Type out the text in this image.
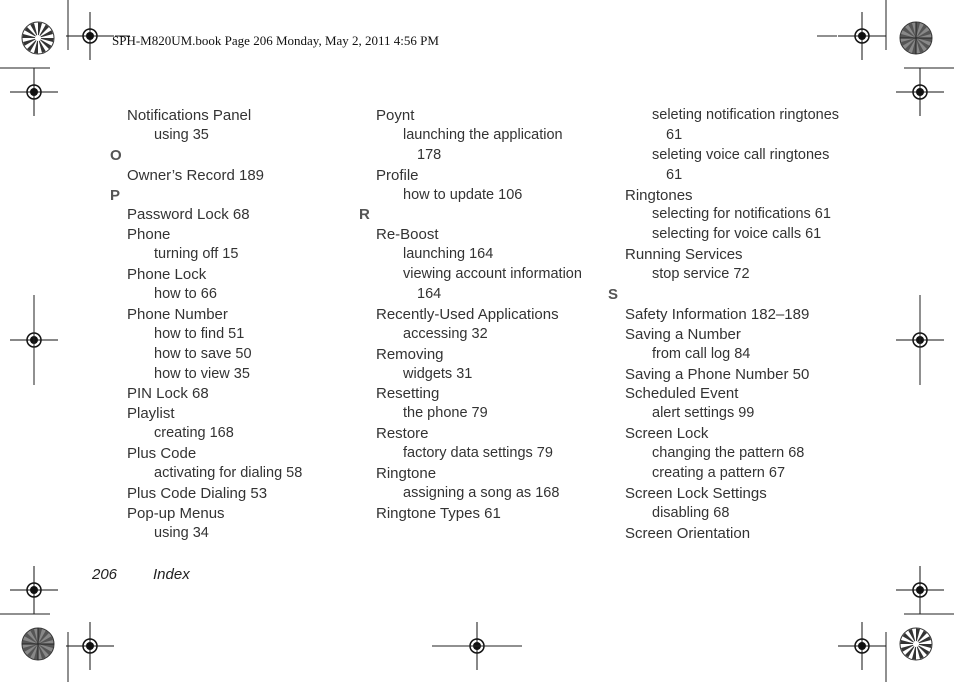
SPH-M820UM.book Page 206 Monday, May 2, 2011 4:56 PM
Notifications Panel
using 35
O
Owner’s Record 189
P
Password Lock 68
Phone
turning off 15
Phone Lock
how to 66
Phone Number
how to find 51
how to save 50
how to view 35
PIN Lock 68
Playlist
creating 168
Plus Code
activating for dialing 58
Plus Code Dialing 53
Pop-up Menus
using 34
Poynt
launching the application
178
Profile
how to update 106
R
Re-Boost
launching 164
viewing account information
164
Recently-Used Applications
accessing 32
Removing
widgets 31
Resetting
the phone 79
Restore
factory data settings 79
Ringtone
assigning a song as 168
Ringtone Types 61
seleting notification ringtones
61
seleting voice call ringtones
61
Ringtones
selecting for notifications 61
selecting for voice calls 61
Running Services
stop service 72
S
Safety Information 182–189
Saving a Number
from call log 84
Saving a Phone Number 50
Scheduled Event
alert settings 99
Screen Lock
changing the pattern 68
creating a pattern 67
Screen Lock Settings
disabling 68
Screen Orientation
206 Index
